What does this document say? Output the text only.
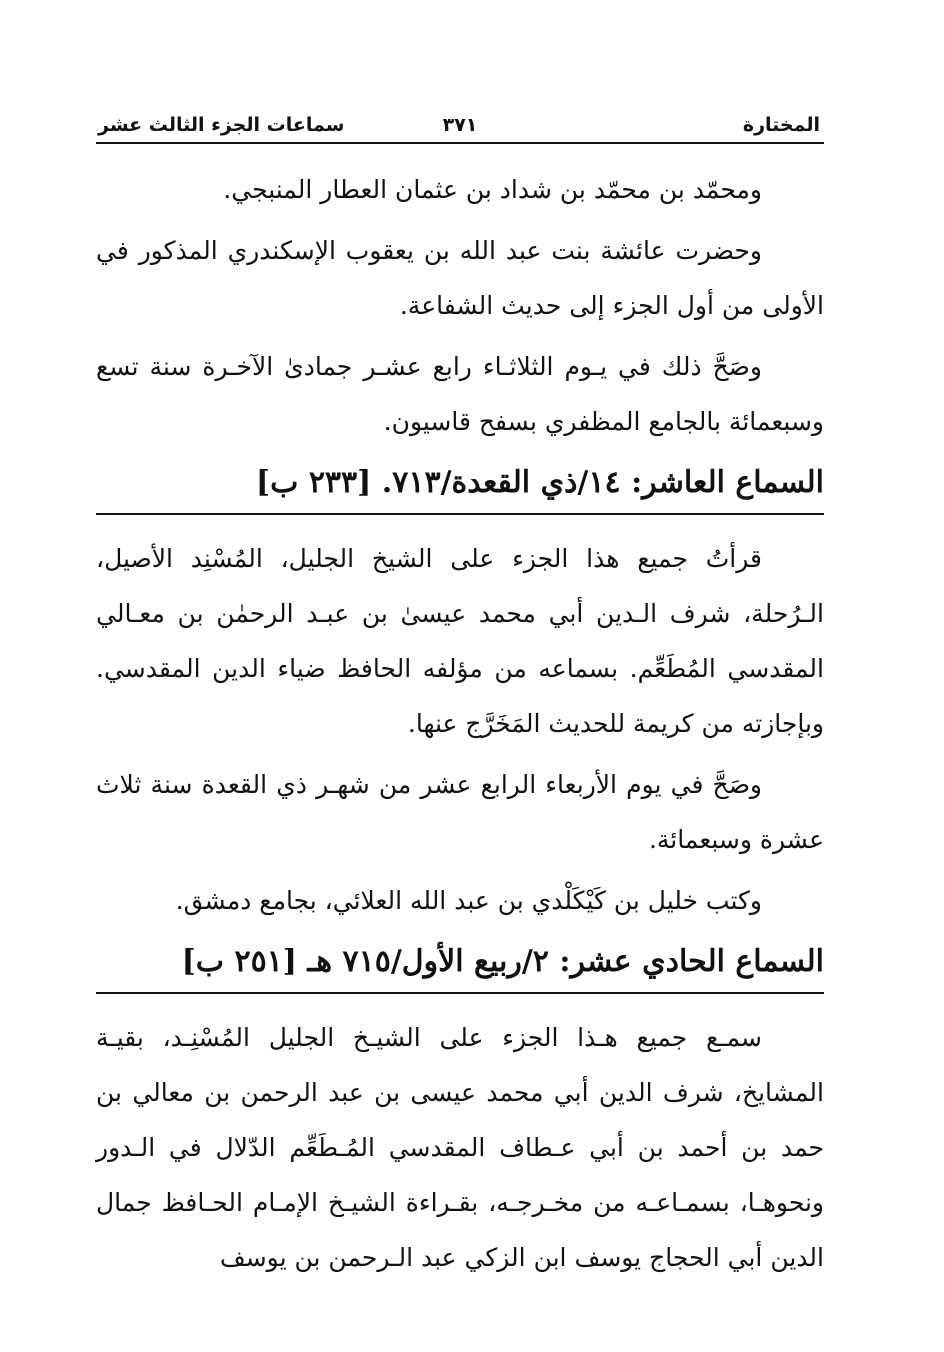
المختارة
٣٧١
سماعات الجزء الثالث عشر

ومحمّد بن محمّد بن شداد بن عثمان العطار المنبجي.

وحضرت عائشة بنت عبد الله بن يعقوب الإسكندري المذكور في الأولى من أول الجزء إلى حديث الشفاعة.

وصَحَّ ذلك في يـوم الثلاثـاء رابع عشـر جمادىٰ الآخـرة سنة تسع وسبعمائة بالجامع المظفري بسفح قاسيون.

السماع العاشر: ١٤/ذي القعدة/٧١٣. [٢٣٣ ب]

قرأتُ جميع هذا الجزء على الشيخ الجليل، المُسْنِد الأصيل، الـرُحلة، شرف الـدين أبي محمد عيسىٰ بن عبـد الرحمٰن بن معـالي المقدسي المُطَعِّم. بسماعه من مؤلفه الحافظ ضياء الدين المقدسي. وبإجازته من كريمة للحديث المَخَرَّج عنها.

وصَحَّ في يوم الأربعاء الرابع عشر من شهـر ذي القعدة سنة ثلاث عشرة وسبعمائة.

وكتب خليل بن كَيْكَلْدي بن عبد الله العلائي، بجامع دمشق.

السماع الحادي عشر: ٢/ربيع الأول/٧١٥ هـ [٢٥١ ب]

سمـع جميع هـذا الجزء على الشيـخ الجليل المُسْنِـد، بقيـة المشايخ، شرف الدين أبي محمد عيسى بن عبد الرحمن بن معالي بن حمد بن أحمد بن أبي عـطاف المقدسي المُـطَعِّم الدّلال في الـدور ونحوهـا، بسمـاعـه من مخـرجـه، بقـراءة الشيـخ الإمـام الحـافظ جمال الدين أبي الحجاج يوسف ابن الزكي عبد الـرحمن بن يوسف
